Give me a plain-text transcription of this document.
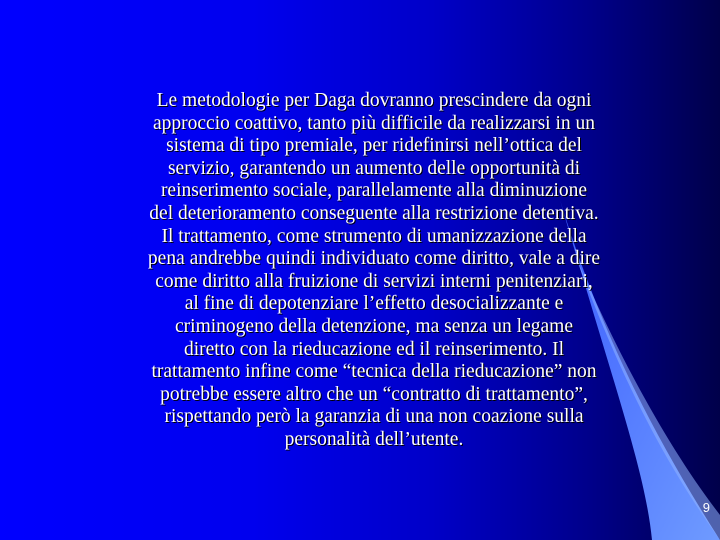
Le metodologie per Daga dovranno prescindere da ogni
approccio coattivo, tanto più difficile da realizzarsi in un
sistema di tipo premiale, per ridefinirsi nell’ottica del
servizio, garantendo un aumento delle opportunità di
reinserimento sociale, parallelamente alla diminuzione
del deterioramento conseguente alla restrizione detentiva.
Il trattamento, come strumento di umanizzazione della
pena andrebbe quindi individuato come diritto, vale a dire
come diritto alla fruizione di servizi interni penitenziari,
al fine di depotenziare l’effetto desocializzante e
criminogeno della detenzione, ma senza un legame
diretto con la rieducazione ed il reinserimento. Il
trattamento infine come “tecnica della rieducazione” non
potrebbe essere altro che un “contratto di trattamento”,
rispettando però la garanzia di una non coazione sulla
personalità dell’utente.

9
